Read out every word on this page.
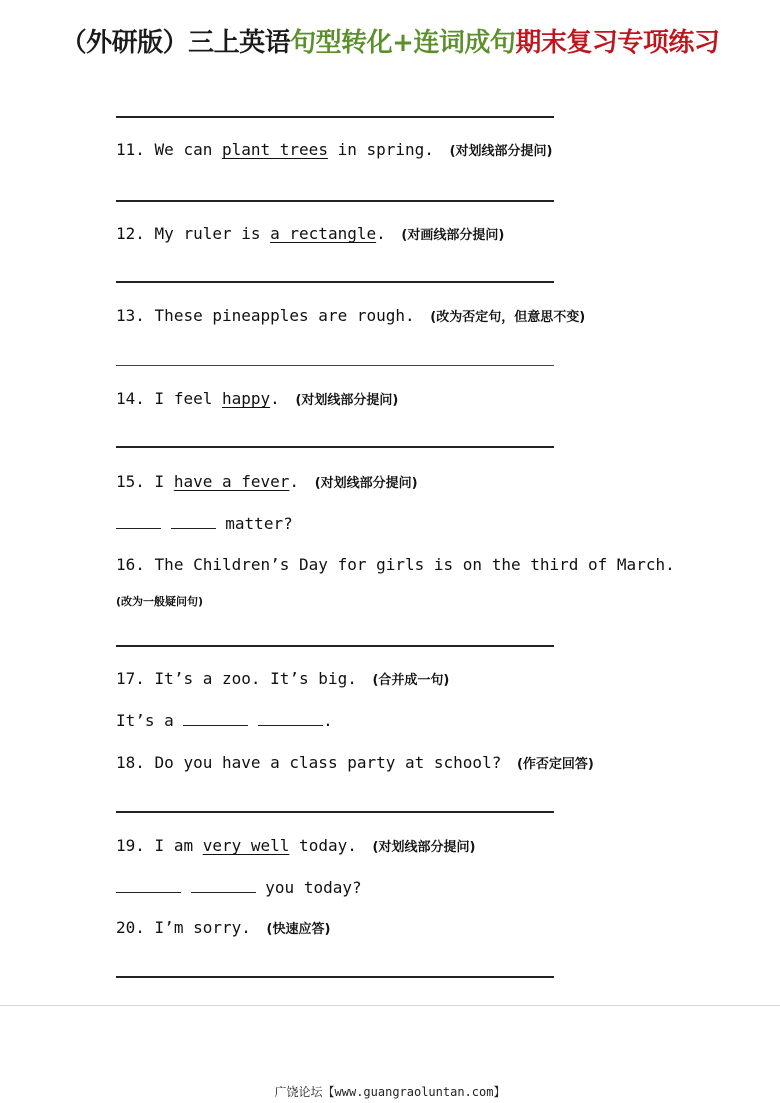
（外研版）三上英语句型转化+连词成句期末复习专项练习
11. We can plant trees in spring. (对划线部分提问)
12. My ruler is a rectangle. (对画线部分提问)
13. These pineapples are rough. (改为否定句，但意思不变)
14. I feel happy. (对划线部分提问)
15. I have a fever. (对划线部分提问)
matter?
16. The Children’s Day for girls is on the third of March.
(改为一般疑问句)
17. It’s a zoo. It’s big. (合并成一句)
It’s a	.
18. Do you have a class party at school? (作否定回答)
19. I am very well today. (对划线部分提问)
you today?
20. I’m sorry. (快速应答)
广饶论坛【www.guangraoluntan.com】
